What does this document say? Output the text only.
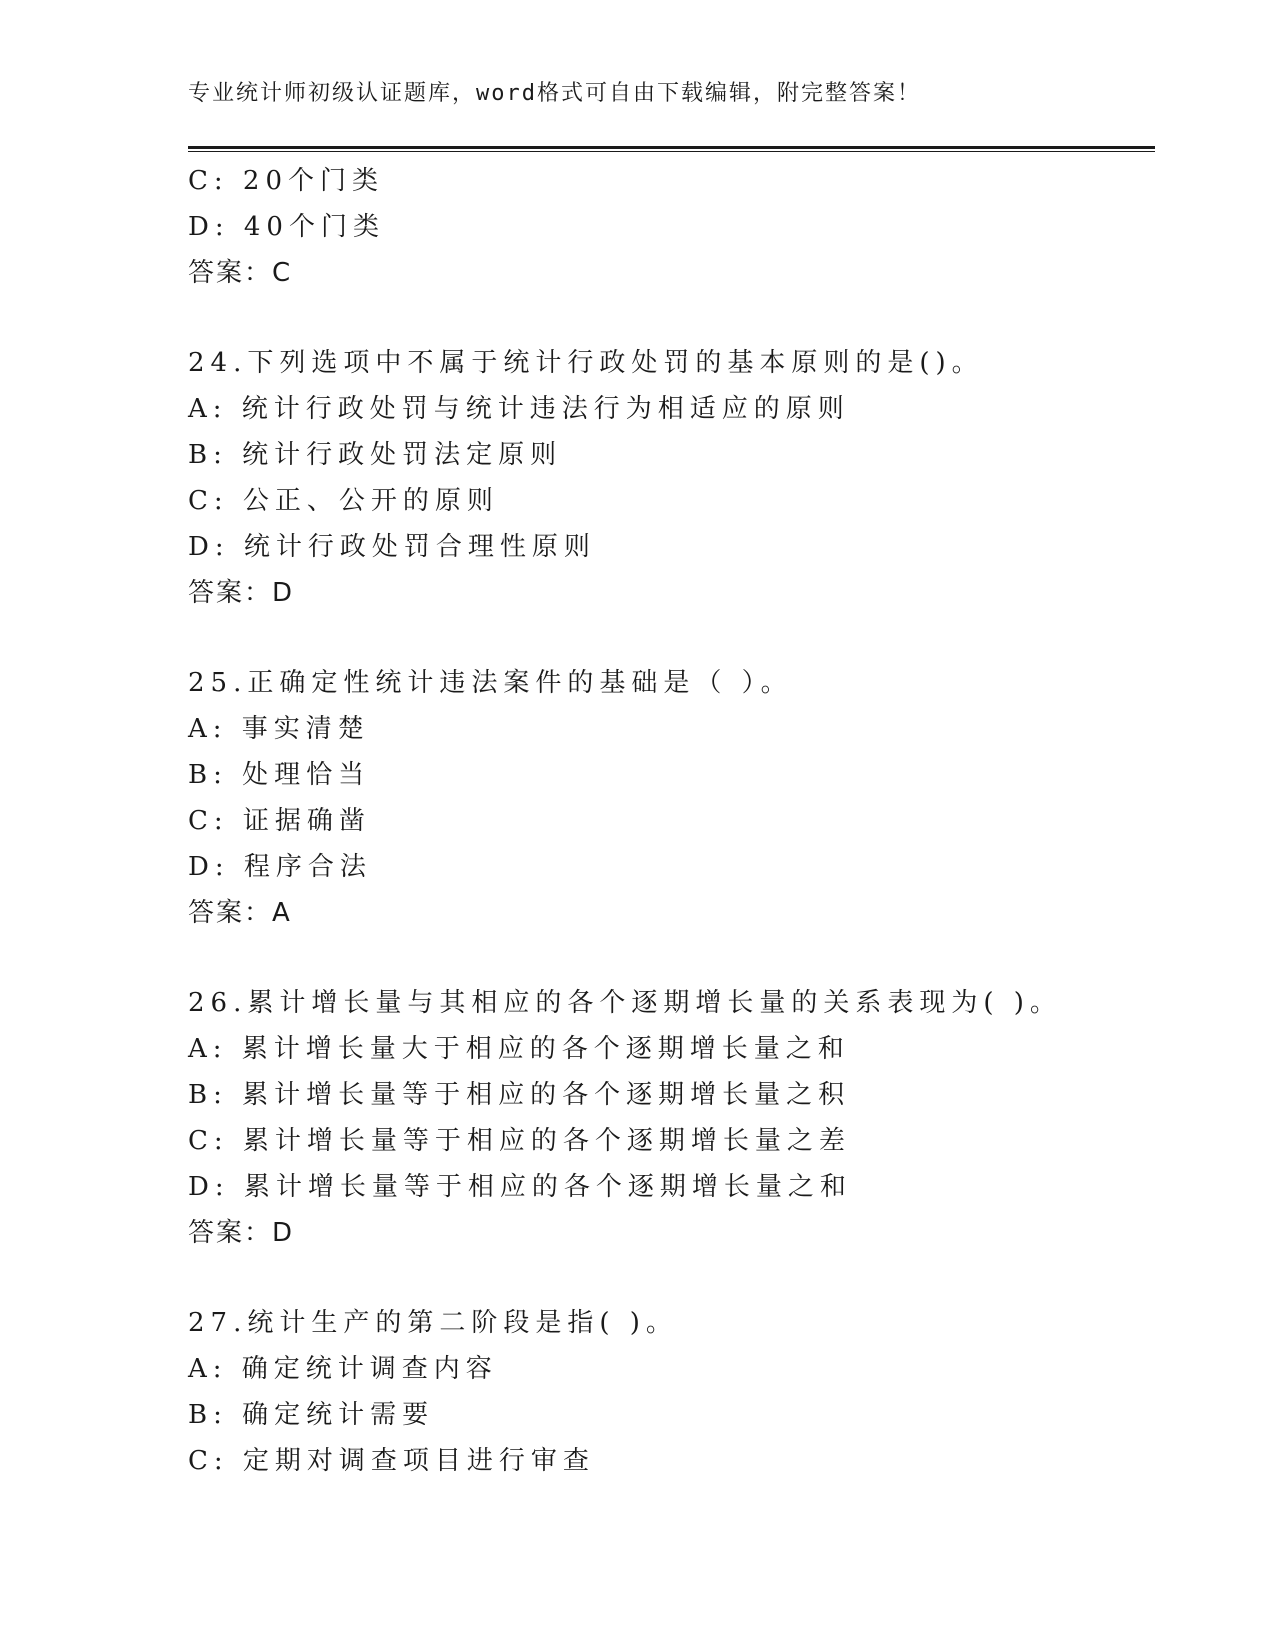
专业统计师初级认证题库，word格式可自由下载编辑，附完整答案！
C: 20个门类
D: 40个门类
答案：C
24.下列选项中不属于统计行政处罚的基本原则的是()。
A: 统计行政处罚与统计违法行为相适应的原则
B: 统计行政处罚法定原则
C: 公正、公开的原则
D: 统计行政处罚合理性原则
答案：D
25.正确定性统计违法案件的基础是（ ）。
A: 事实清楚
B: 处理恰当
C: 证据确凿
D: 程序合法
答案：A
26.累计增长量与其相应的各个逐期增长量的关系表现为( )。
A: 累计增长量大于相应的各个逐期增长量之和
B: 累计增长量等于相应的各个逐期增长量之积
C: 累计增长量等于相应的各个逐期增长量之差
D: 累计增长量等于相应的各个逐期增长量之和
答案：D
27.统计生产的第二阶段是指( )。
A: 确定统计调查内容
B: 确定统计需要
C: 定期对调查项目进行审查
